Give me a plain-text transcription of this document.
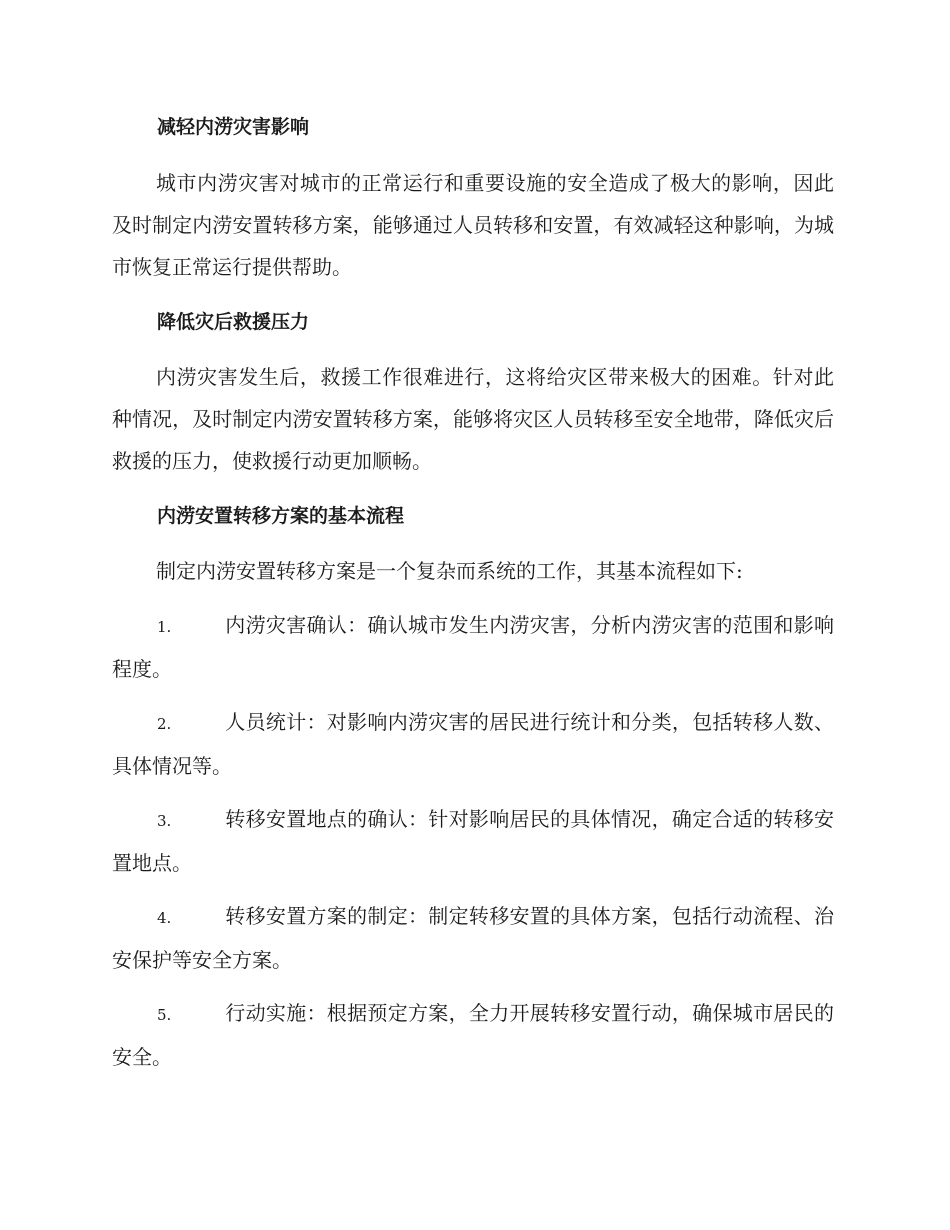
减轻内涝灾害影响
城市内涝灾害对城市的正常运行和重要设施的安全造成了极大的影响，因此及时制定内涝安置转移方案，能够通过人员转移和安置，有效减轻这种影响，为城市恢复正常运行提供帮助。
降低灾后救援压力
内涝灾害发生后，救援工作很难进行，这将给灾区带来极大的困难。针对此种情况，及时制定内涝安置转移方案，能够将灾区人员转移至安全地带，降低灾后救援的压力，使救援行动更加顺畅。
内涝安置转移方案的基本流程
制定内涝安置转移方案是一个复杂而系统的工作，其基本流程如下:
1.	内涝灾害确认：确认城市发生内涝灾害，分析内涝灾害的范围和影响程度。
2.	人员统计：对影响内涝灾害的居民进行统计和分类，包括转移人数、具体情况等。
3.	转移安置地点的确认：针对影响居民的具体情况，确定合适的转移安置地点。
4.	转移安置方案的制定：制定转移安置的具体方案，包括行动流程、治安保护等安全方案。
5.	行动实施：根据预定方案，全力开展转移安置行动，确保城市居民的安全。
